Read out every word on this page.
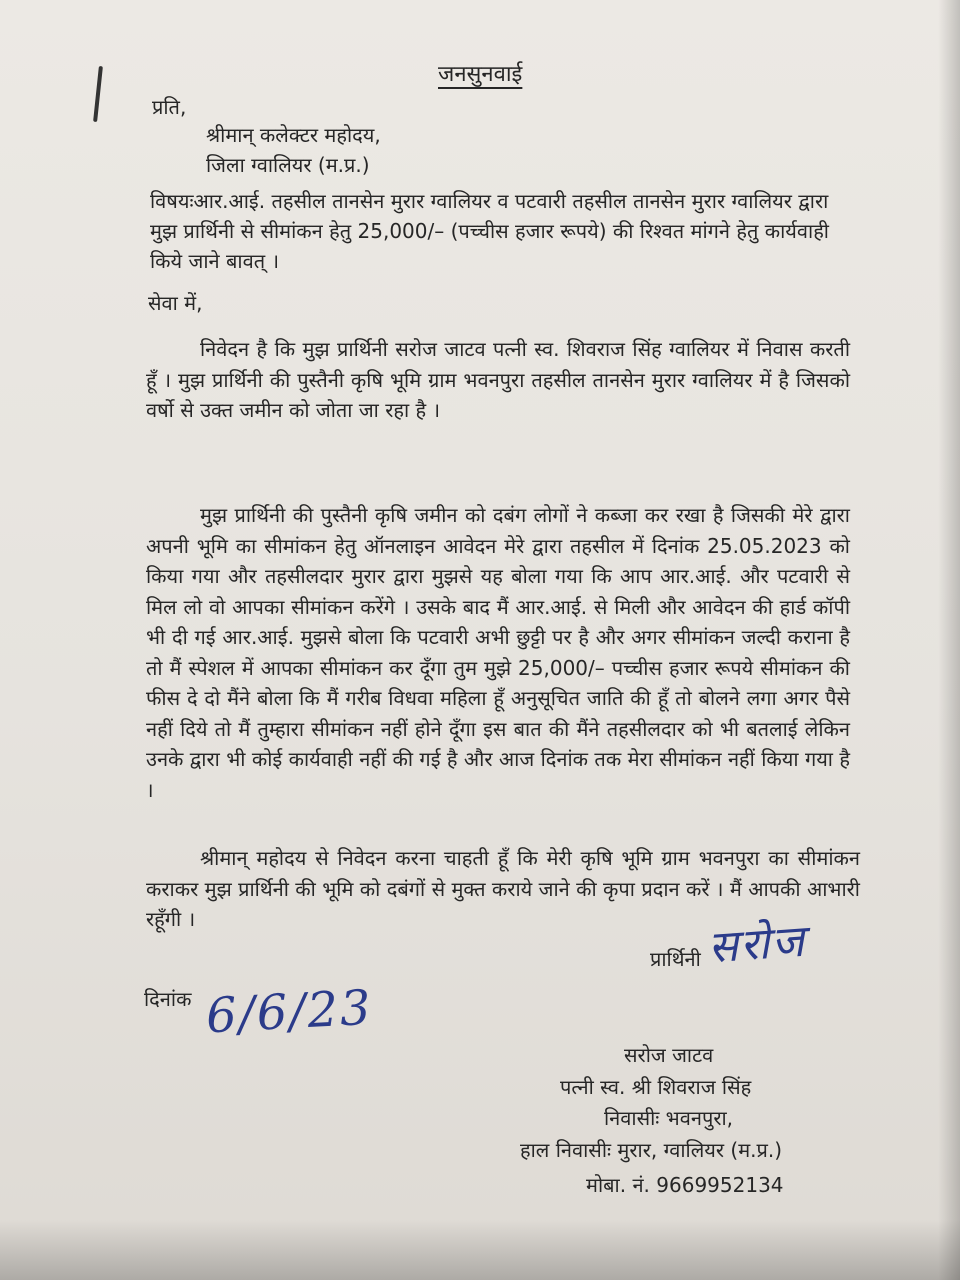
जनसुनवाई
प्रति,
श्रीमान् कलेक्टर महोदय,
जिला ग्वालियर (म.प्र.)
विषयःआर.आई. तहसील तानसेन मुरार ग्वालियर व पटवारी तहसील तानसेन मुरार ग्वालियर द्वारा मुझ प्रार्थिनी से सीमांकन हेतु 25,000/– (पच्चीस हजार रूपये) की रिश्वत मांगने हेतु कार्यवाही किये जाने बावत् ।
सेवा में,
निवेदन है कि मुझ प्रार्थिनी सरोज जाटव पत्नी स्व. शिवराज सिंह ग्वालियर में निवास करती हूँ । मुझ प्रार्थिनी की पुस्तैनी कृषि भूमि ग्राम भवनपुरा तहसील तानसेन मुरार ग्वालियर में है जिसको वर्षो से उक्त जमीन को जोता जा रहा है ।
मुझ प्रार्थिनी की पुस्तैनी कृषि जमीन को दबंग लोगों ने कब्जा कर रखा है जिसकी मेरे द्वारा अपनी भूमि का सीमांकन हेतु ऑनलाइन आवेदन मेरे द्वारा तहसील में दिनांक 25.05.2023 को किया गया और तहसीलदार मुरार द्वारा मुझसे यह बोला गया कि आप आर.आई. और पटवारी से मिल लो वो आपका सीमांकन करेंगे । उसके बाद मैं आर.आई. से मिली और आवेदन की हार्ड कॉपी भी दी गई आर.आई. मुझसे बोला कि पटवारी अभी छुट्टी पर है और अगर सीमांकन जल्दी कराना है तो मैं स्पेशल में आपका सीमांकन कर दूँगा तुम मुझे 25,000/– पच्चीस हजार रूपये सीमांकन की फीस दे दो मैंने बोला कि मैं गरीब विधवा महिला हूँ अनुसूचित जाति की हूँ तो बोलने लगा अगर पैसे नहीं दिये तो मैं तुम्हारा सीमांकन नहीं होने दूँगा इस बात की मैंने तहसीलदार को भी बतलाई लेकिन उनके द्वारा भी कोई कार्यवाही नहीं की गई है और आज दिनांक तक मेरा सीमांकन नहीं किया गया है ।
श्रीमान् महोदय से निवेदन करना चाहती हूँ कि मेरी कृषि भूमि ग्राम भवनपुरा का सीमांकन कराकर मुझ प्रार्थिनी की भूमि को दबंगों से मुक्त कराये जाने की कृपा प्रदान करें । मैं आपकी आभारी रहूँगी ।
प्रार्थिनी सरोज
दिनांक 6/6/23
सरोज जाटव
पत्नी स्व. श्री शिवराज सिंह
निवासीः भवनपुरा,
हाल निवासीः मुरार, ग्वालियर (म.प्र.)
मोबा. नं. 9669952134
